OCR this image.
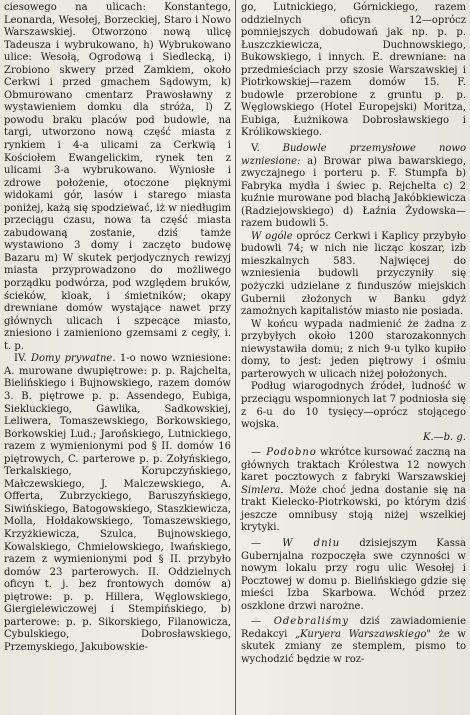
ciesowego na ulicach: Konstantego, Leonarda, Wesołej, Borzeckiej, Staro i Nowo Warszawskiej. Otworzono nową ulicę Tadeusza i wybrukowano, h) Wybrukowano ulice: Wesołą, Ogrodową i Siedlecką, i) Zrobiono skwery przed Zamkiem, około Cerkwi i przed gmachem Sądowym, k) Obmurowano cmentarz Prawosławny z wystawieniem domku dla stróża, l) Z powodu braku placów pod budowle, na targi, utworzono nową część miasta z rynkiem i 4-a ulicami za Cerkwią i Kościołem Ewangelickim, rynek ten z ulicami 3-a wybrukowano. Wyniosłe i zdrowe położenie, otoczone pięknymi widokami gór, lasów i starego miasta poniżej, każą się spodziewać, iż w niedługim przeciągu czasu, nowa ta część miasta zabudowaną zostanie, dziś tamże wystawiono 3 domy i zaczęto budowę Bazaru m) W skutek perjodycznych rewizyj miasta przyprowadzono do możliwego porządku podwórza, pod względem bruków, ścieków, kloak, i śmietników; okapy drewniane domów wystające nawet przy głównych ulicach i szpecące miasto, zniesiono i zamieniono gzemsami z cegły, i. t. p.

IV. Domy prywatne. 1-o nowo wzniesione: A. murowane dwupiętrowe: p. p. Rajchelta, Bielińskiego i Bujnowskiego, razem domów 3. B. piętrowe p. p. Assendego, Eubiga, Siekluckiego, Gawlika, Sadkowskiej, Leliwera, Tomaszewskiego, Borkowskiego, Borkowskiej Lud.; Jarońskiego, Lutnickiego, razem z wymienionymi pod § II. domów 16 piętrowych, C. parterowe p. p. Zołyńskiego, Terkalskiego, Korupczyńskiego, Małczewskiego, J. Malczewskiego, A. Offerta, Zubrzyckiego, Baruszyńskiego, Siwińskiego, Batogowskiego, Staszkiewicza, Molla, Hołdakowskiego, Tomaszewskiego, Krzyżkiewicza, Szulca, Bujnowskiego, Kowalskiego, Chmielowskiego, Iwańskiego, razem z wymienionymi pod § II. przybyło domów 23 parterowych. II. Oddzielnych oficyn t. j. bez frontowych domów a) piętrowe: p. p. Hillera, Węglowskiego, Giergielewiczowej i Stempińskiego, b) parterowe: p. p. Sikorskiego, Filanowicza, Cybulskiego, Dobrosławskiego, Przemyskiego, Jakubowskie-

go, Lutnickiego, Górnickiego, razem oddzielnych oficyn 12—oprócz pomniejszych dobudowań jak np. p. p. Łuszczkiewicza, Duchnowskiego, Bukowskiego, i innych. E. drewniane: na przedmieściach przy szosie Warszawskiej i Piotrkowskiej—razem domów 15. F. budowle przerobione z gruntu p. p. Węglowskiego (Hotel Europejski) Moritza, Eubiga, Łużnikowa Dobrosławskiego i Królikowskiego.

V. Budowle przemysłowe nowo wzniesione: a) Browar piwa bawarskiego, zwyczajnego i porteru p. F. Stumpfa b) Fabryka mydła i świec p. Rejchelta c) 2 kuźnie murowane pod blachą Jakóbkiewicza (Radziejowskiego) d) Łaźnia Żydowska—razem budowli 5.

W ogóle oprócz Cerkwi i Kaplicy przybyło budowli 74; w nich nie licząc koszar, izb mieszkalnych 583. Najwięcej do wzniesienia budowli przyczyniły się pożyczki udzielane z funduszów miejskich Gubernii złożonych w Banku gdyż zamożnych kapitalistów miasto nie posiada.

W końcu wypada nadmienić że żadna z przybyłych około 1200 starozakonnych niewystawiła domu; z nich 9-u tylko kupiło domy, to jest: jeden piętrowy i ośmiu parterowych w ulicach niżej położonych.

Podług wiarogodnych źródeł, ludność w przeciągu wspomnionych lat 7 podniosła się z 6-u do 10 tysięcy—oprócz stojącego wojska.

K.—b. g.

— Podobno wkrótce kursować zaczną na głównych traktach Królestwa 12 nowych karet pocztowych z fabryki Warszawskiej Simlera. Może choć jedna dostanie się na trakt Kielecko-Piotrkowski, po którym dziś jeszcze omnibusy stoją niżej wszelkiej krytyki.

— W dniu dzisiejszym Kassa Gubernjalna rozpoczęła swe czynności w nowym lokalu przy rogu ulic Wesołej i Pocztowej w domu p. Bielińskiego gdzie się mieści Izba Skarbowa. Wchód przez oszklone drzwi narożne.

— Odebraliśmy dziś zawiadomienie Redakcyi „Kuryera Warszawskiego" że w skutek zmiany ze stemplem, pismo to wychodzić będzie w roz-
